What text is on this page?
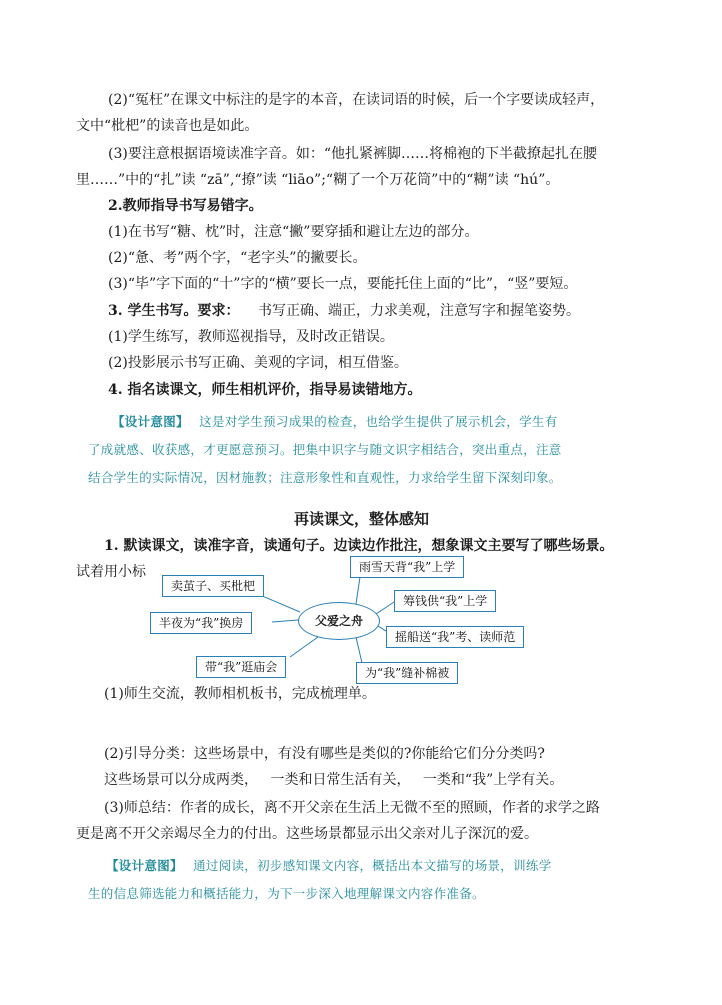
(2)“冤枉”在课文中标注的是字的本音，在读词语的时候，后一个字要读成轻声，
文中“枇杷”的读音也是如此。
(3)要注意根据语境读准字音。如：“他扎紧裤脚……将棉袍的下半截撩起扎在腰
里……”中的“扎”读 “zā”,“撩”读 “liāo”;“糊了一个万花筒”中的“糊”读 “hú”。
2.教师指导书写易错字。
(1)在书写“糖、枕”时，注意“撇”要穿插和避让左边的部分。
(2)“惫、考”两个字，“老字头”的撇要长。
(3)“毕”字下面的“十”字的“横”要长一点，要能托住上面的“比”，“竖”要短。
3. 学生书写。要求： 书写正确、端正，力求美观，注意写字和握笔姿势。
(1)学生练写，教师巡视指导，及时改正错误。
(2)投影展示书写正确、美观的字词，相互借鉴。
4. 指名读课文，师生相机评价，指导易读错地方。
【设计意图】 这是对学生预习成果的检查，也给学生提供了展示机会，学生有
了成就感、收获感，才更愿意预习。把集中识字与随文识字相结合，突出重点，注意
结合学生的实际情况，因材施教；注意形象性和直观性，力求给学生留下深刻印象。
再读课文，整体感知
1. 默读课文，读准字音，读通句子。边读边作批注，想象课文主要写了哪些场景。
试着用小标
卖茧子、买枇杷
雨雪天背“我”上学
筹钱供“我”上学
半夜为“我”换房	父爱之舟
摇船送“我”考、读师范
带“我”逛庙会	为“我”缝补棉被
(1)师生交流，教师相机板书，完成梳理单。
(2)引导分类：这些场景中，有没有哪些是类似的?你能给它们分分类吗?
这些场景可以分成两类， 一类和日常生活有关， 一类和“我”上学有关。
(3)师总结：作者的成长，离不开父亲在生活上无微不至的照顾，作者的求学之路
更是离不开父亲竭尽全力的付出。这些场景都显示出父亲对儿子深沉的爱。
【设计意图】 通过阅读，初步感知课文内容，概括出本文描写的场景，训练学
生的信息筛选能力和概括能力，为下一步深入地理解课文内容作准备。
